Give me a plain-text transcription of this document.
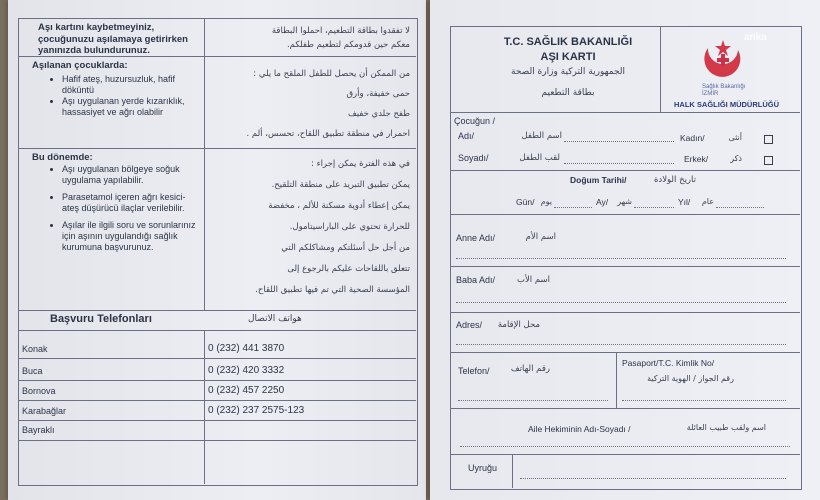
Aşı kartını kaybetmeyiniz,
çocuğunuzu aşılamaya getirirken
yanınızda bulundurunuz.
لا تفقدوا بطاقة التطعيم، احملوا البطاقة
معكم حين قدومكم لتطعيم طفلكم.
Aşılanan çocuklarda:
• Hafif ateş, huzursuzluk, hafif döküntü
• Aşı uygulanan yerde kızarıklık, hassasiyet ve ağrı olabilir
من الممكن أن يحصل للطفل الملقح ما يلي :
حمى خفيفة، وأرق
طفح جلدي خفيف
احمرار في منطقة تطبيق اللقاح، تحسس، ألم .
Bu dönemde:
• Aşı uygulanan bölgeye soğuk uygulama yapılabilir.
• Parasetamol içeren ağrı kesici-ateş düşürücü ilaçlar verilebilir.
• Aşılar ile ilgili soru ve sorunlarınız için aşının uygulandığı sağlık kurumuna başvurunuz.
في هذه الفترة يمكن إجراء :
يمكن تطبيق التبريد على منطقة التلقيح.
يمكن إعطاء أدوية مسكنة للألم ، مخفضة
للحرارة تحتوي على الباراسيتامول.
من أجل حل أسئلتكم ومشاكلكم التي
تتعلق باللقاحات عليكم بالرجوع إلى
المؤسسة الصحية التي تم فيها تطبيق اللقاح.
Başvuru Telefonları	هواتف الاتصال
Konak	0 (232) 441 3870
Buca	0 (232) 420 3332
Bornova	0 (232) 457 2250
Karabağlar	0 (232) 237 2575-123
Bayraklı
T.C. SAĞLIK BAKANLIĞI
AŞI KARTI
الجمهورية التركية وزارة الصحة
بطاقة التطعيم
Sağlık Bakanlığı
İZMİR
HALK SAĞLIĞI MÜDÜRLÜĞÜ
anka
Çocuğun /
Adı/	اسم الطفل
Soyadı/	لقب الطفل
Kadın/	أنثى
Erkek/	ذكر
Doğum Tarihi/	تاريخ الولادة
Gün/ يوم	Ay/	شهر	Yıl/	عام
Anne Adı/	اسم الأم
Baba Adı/	اسم الأب
Adres/	محل الإقامة
Telefon/	رقم الهاتف
Pasaport/T.C. Kimlik No/
رقم الجواز / الهوية التركية
Aile Hekiminin Adı-Soyadı /	اسم ولقب طبيب العائلة
Uyruğu
